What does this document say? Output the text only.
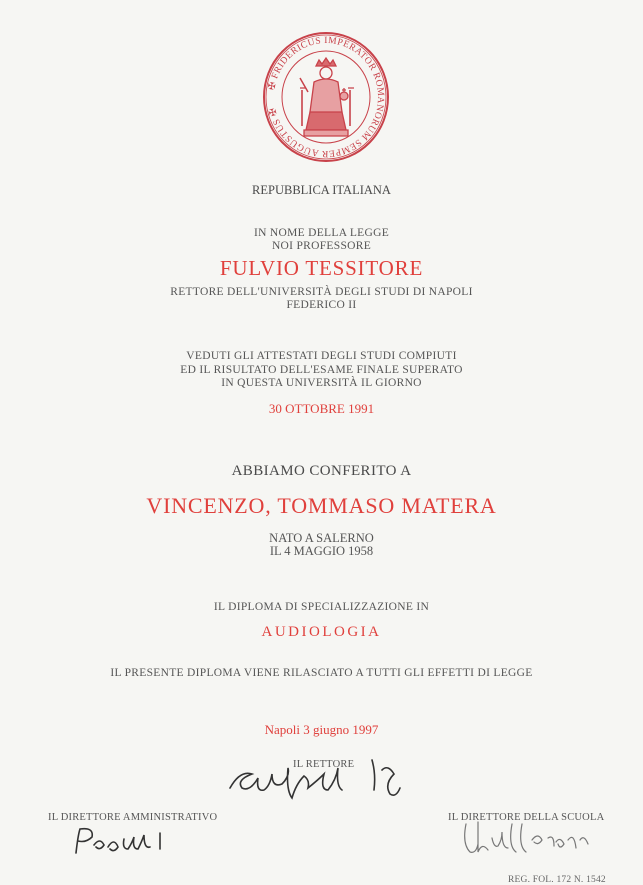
✠ FRIDERICUS IMPERATOR ROMANORUM SEMPER AUGUSTUS ✠
REPUBBLICA ITALIANA
IN NOME DELLA LEGGE
NOI PROFESSORE
FULVIO TESSITORE
RETTORE DELL'UNIVERSITÀ DEGLI STUDI DI NAPOLI
FEDERICO II
VEDUTI GLI ATTESTATI DEGLI STUDI COMPIUTI
ED IL RISULTATO DELL'ESAME FINALE SUPERATO
IN QUESTA UNIVERSITÀ IL GIORNO
30 OTTOBRE 1991
ABBIAMO CONFERITO A
VINCENZO, TOMMASO MATERA
NATO A SALERNO
IL 4 MAGGIO 1958
IL DIPLOMA DI SPECIALIZZAZIONE IN
AUDIOLOGIA
IL PRESENTE DIPLOMA VIENE RILASCIATO A TUTTI GLI EFFETTI DI LEGGE
Napoli 3 giugno 1997
IL RETTORE
IL DIRETTORE AMMINISTRATIVO	IL DIRETTORE DELLA SCUOLA
REG. FOL. 172 N. 1542
